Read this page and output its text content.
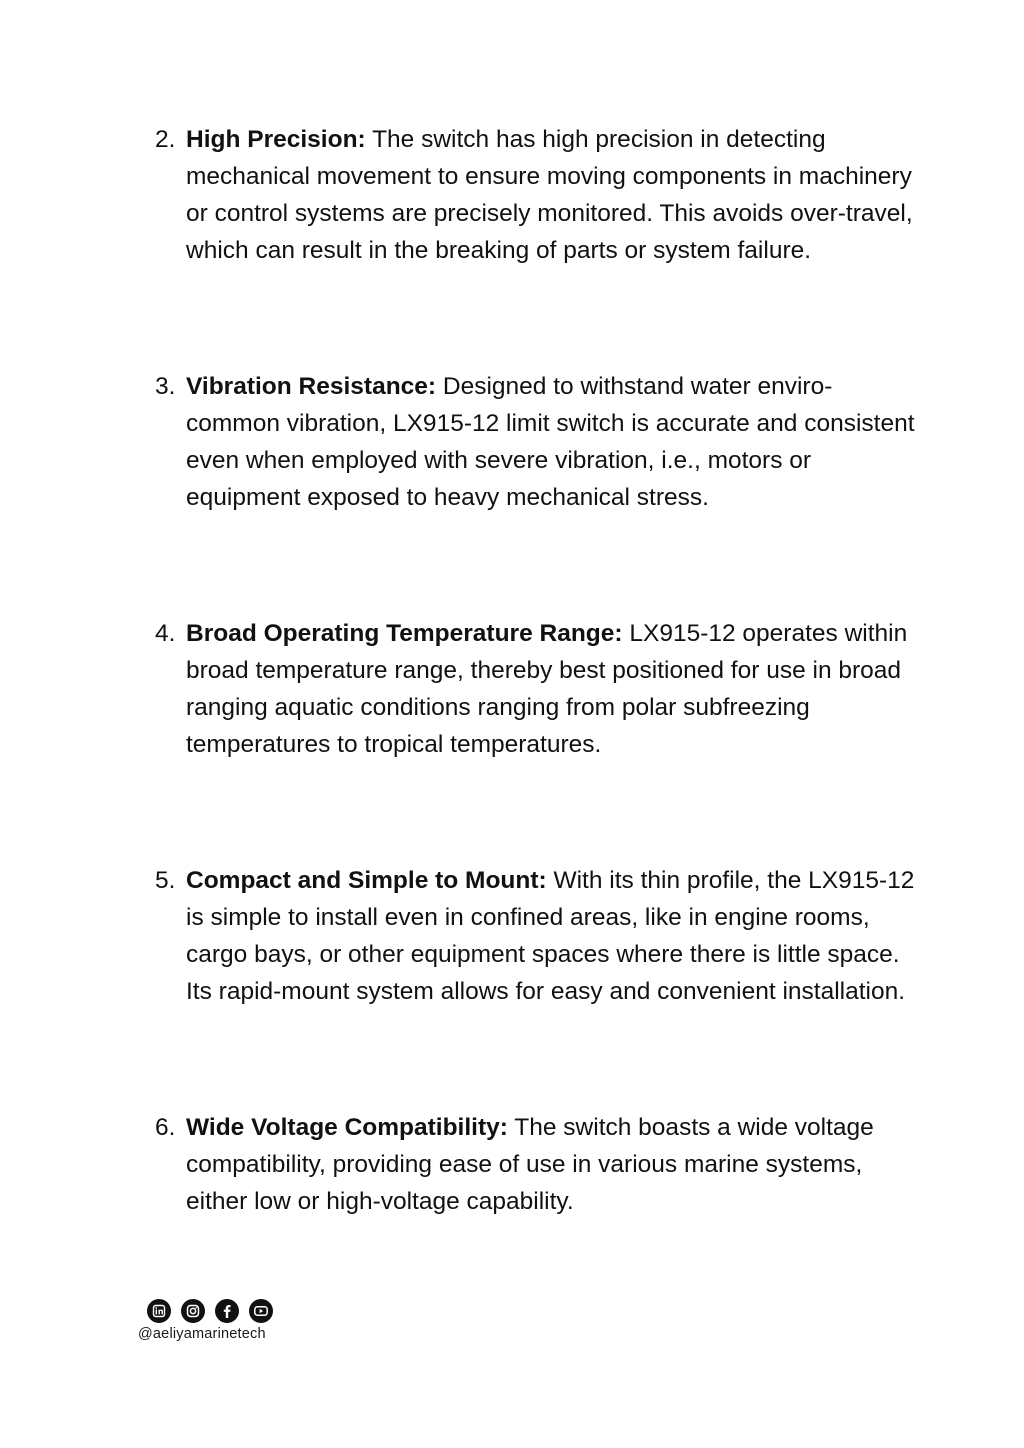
2. High Precision: The switch has high precision in detecting mechanical movement to ensure moving components in machinery or control systems are precisely monitored. This avoids over-travel, which can result in the breaking of parts or system failure.
3. Vibration Resistance: Designed to withstand water enviro- common vibration, LX915-12 limit switch is accurate and consistent even when employed with severe vibration, i.e., motors or equipment exposed to heavy mechanical stress.
4. Broad Operating Temperature Range: LX915-12 operates within broad temperature range, thereby best positioned for use in broad ranging aquatic conditions ranging from polar subfreezing temperatures to tropical temperatures.
5. Compact and Simple to Mount: With its thin profile, the LX915-12 is simple to install even in confined areas, like in engine rooms, cargo bays, or other equipment spaces where there is little space. Its rapid-mount system allows for easy and convenient installation.
6. Wide Voltage Compatibility: The switch boasts a wide voltage compatibility, providing ease of use in various marine systems, either low or high-voltage capability.
@aeliyamarinetech
